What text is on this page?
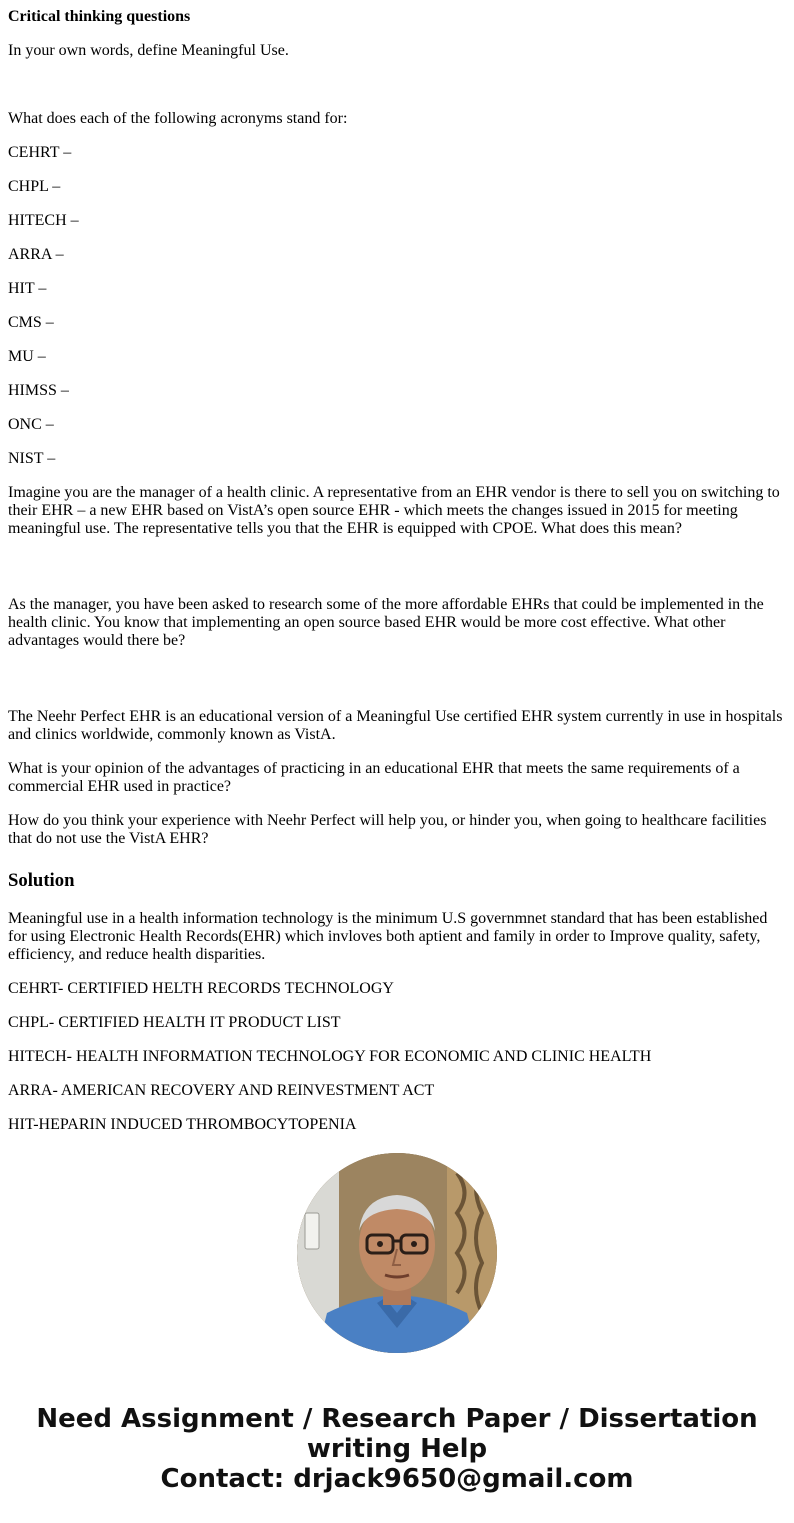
Critical thinking questions

In your own words, define Meaningful Use.

What does each of the following acronyms stand for:

CEHRT –

CHPL –

HITECH –

ARRA –

HIT –

CMS –

MU –

HIMSS –

ONC –

NIST –

Imagine you are the manager of a health clinic. A representative from an EHR vendor is there to sell you on switching to their EHR – a new EHR based on VistA’s open source EHR - which meets the changes issued in 2015 for meeting meaningful use. The representative tells you that the EHR is equipped with CPOE. What does this mean?

As the manager, you have been asked to research some of the more affordable EHRs that could be implemented in the health clinic. You know that implementing an open source based EHR would be more cost effective. What other advantages would there be?

The Neehr Perfect EHR is an educational version of a Meaningful Use certified EHR system currently in use in hospitals and clinics worldwide, commonly known as VistA.

What is your opinion of the advantages of practicing in an educational EHR that meets the same requirements of a commercial EHR used in practice?

How do you think your experience with Neehr Perfect will help you, or hinder you, when going to healthcare facilities that do not use the VistA EHR?

Solution

Meaningful use in a health information technology is the minimum U.S governmnet standard that has been established for using Electronic Health Records(EHR) which invloves both aptient and family in order to Improve quality, safety, efficiency, and reduce health disparities.

CEHRT- CERTIFIED HELTH RECORDS TECHNOLOGY

CHPL- CERTIFIED HEALTH IT PRODUCT LIST

HITECH- HEALTH INFORMATION TECHNOLOGY FOR ECONOMIC AND CLINIC HEALTH

ARRA- AMERICAN RECOVERY AND REINVESTMENT ACT

HIT-HEPARIN INDUCED THROMBOCYTOPENIA

Need Assignment / Research Paper / Dissertation
writing Help
Contact: drjack9650@gmail.com
